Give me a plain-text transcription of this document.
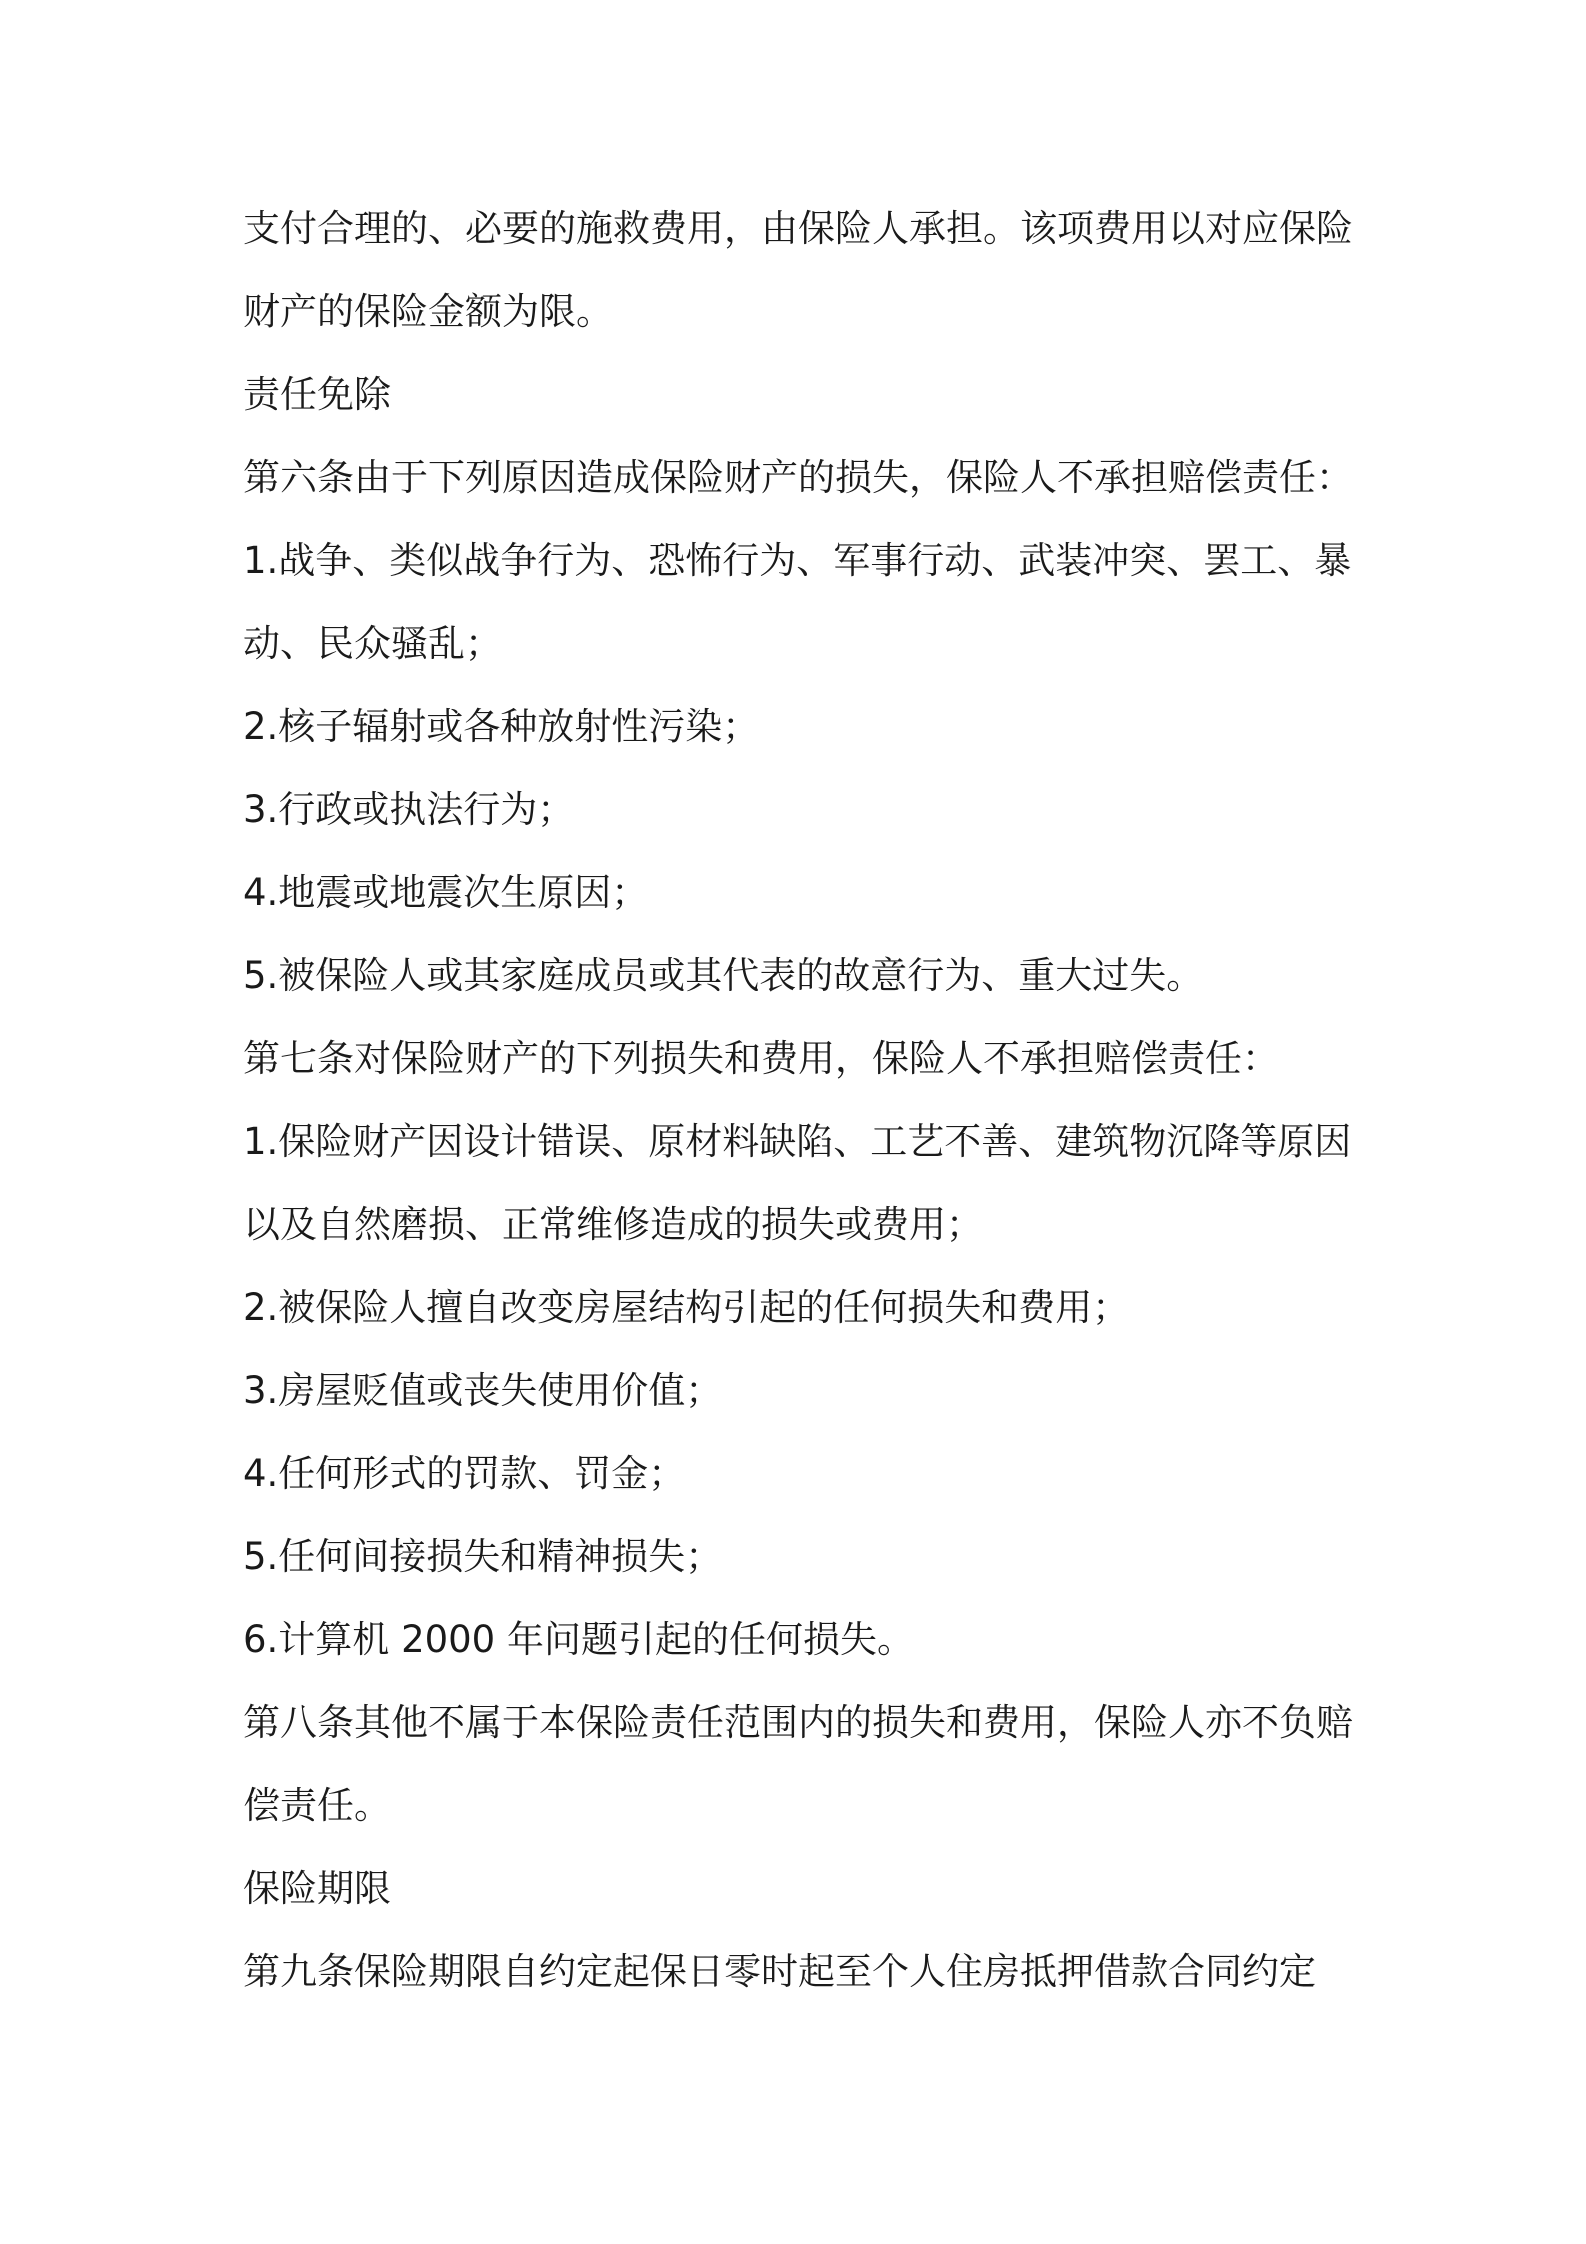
支付合理的、必要的施救费用，由保险人承担。该项费用以对应保险
财产的保险金额为限。
责任免除
第六条由于下列原因造成保险财产的损失，保险人不承担赔偿责任：
1.战争、类似战争行为、恐怖行为、军事行动、武装冲突、罢工、暴
动、民众骚乱；
2.核子辐射或各种放射性污染；
3.行政或执法行为；
4.地震或地震次生原因；
5.被保险人或其家庭成员或其代表的故意行为、重大过失。
第七条对保险财产的下列损失和费用，保险人不承担赔偿责任：
1.保险财产因设计错误、原材料缺陷、工艺不善、建筑物沉降等原因
以及自然磨损、正常维修造成的损失或费用；
2.被保险人擅自改变房屋结构引起的任何损失和费用；
3.房屋贬值或丧失使用价值；
4.任何形式的罚款、罚金；
5.任何间接损失和精神损失；
6.计算机 2000 年问题引起的任何损失。
第八条其他不属于本保险责任范围内的损失和费用，保险人亦不负赔
偿责任。
保险期限
第九条保险期限自约定起保日零时起至个人住房抵押借款合同约定
